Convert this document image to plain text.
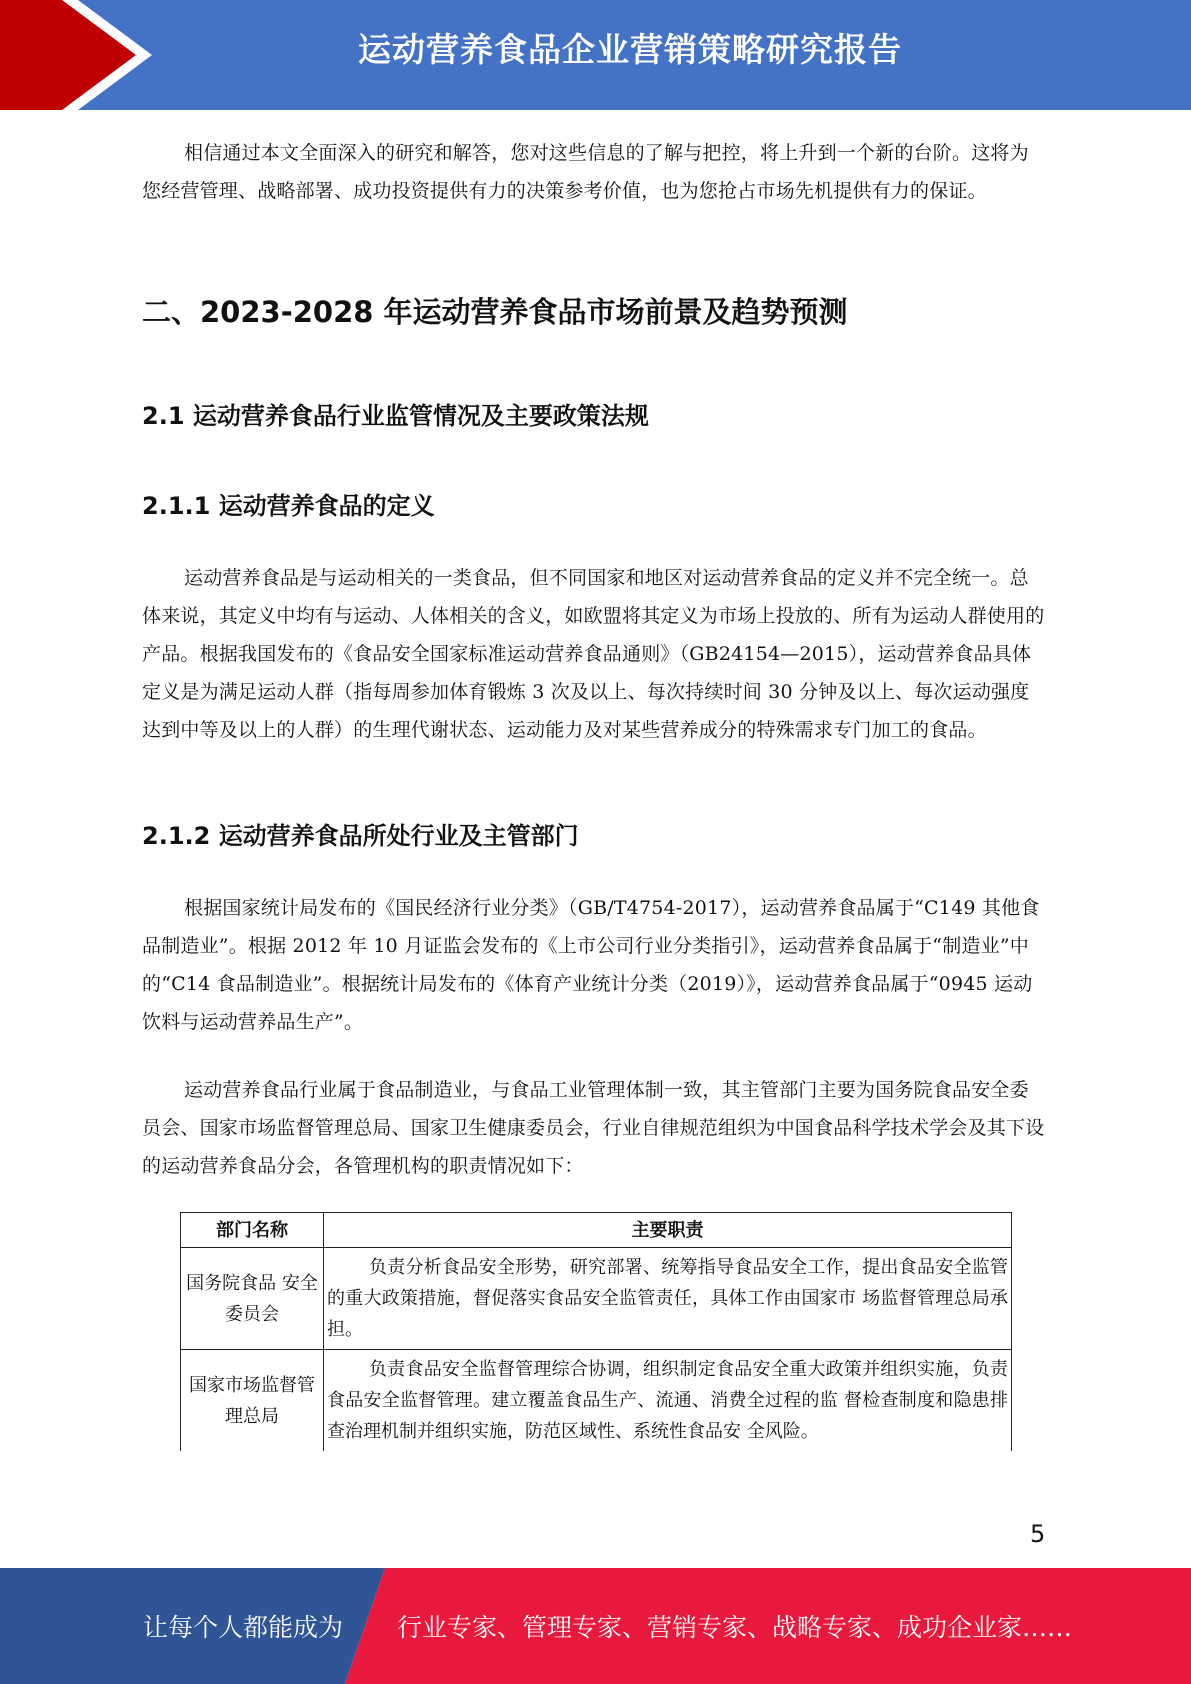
运动营养食品企业营销策略研究报告

相信通过本文全面深入的研究和解答，您对这些信息的了解与把控，将上升到一个新的台阶。这将为您经营管理、战略部署、成功投资提供有力的决策参考价值，也为您抢占市场先机提供有力的保证。

二、2023-2028 年运动营养食品市场前景及趋势预测
2.1 运动营养食品行业监管情况及主要政策法规
2.1.1 运动营养食品的定义

运动营养食品是与运动相关的一类食品，但不同国家和地区对运动营养食品的定义并不完全统一。总体来说，其定义中均有与运动、人体相关的含义，如欧盟将其定义为市场上投放的、所有为运动人群使用的产品。根据我国发布的《食品安全国家标准运动营养食品通则》（GB24154—2015），运动营养食品具体定义是为满足运动人群（指每周参加体育锻炼 3 次及以上、每次持续时间 30 分钟及以上、每次运动强度达到中等及以上的人群）的生理代谢状态、运动能力及对某些营养成分的特殊需求专门加工的食品。

2.1.2 运动营养食品所处行业及主管部门

根据国家统计局发布的《国民经济行业分类》（GB/T4754-2017），运动营养食品属于“C149 其他食品制造业”。根据 2012 年 10 月证监会发布的《上市公司行业分类指引》，运动营养食品属于“制造业”中的“C14 食品制造业”。根据统计局发布的《体育产业统计分类（2019）》，运动营养食品属于“0945 运动饮料与运动营养品生产”。

运动营养食品行业属于食品制造业，与食品工业管理体制一致，其主管部门主要为国务院食品安全委员会、国家市场监督管理总局、国家卫生健康委员会，行业自律规范组织为中国食品科学技术学会及其下设的运动营养食品分会，各管理机构的职责情况如下：

部门名称	主要职责
国务院食品 安全委员会	负责分析食品安全形势，研究部署、统筹指导食品安全工作，提出食品安全监管的重大政策措施，督促落实食品安全监管责任，具体工作由国家市 场监督管理总局承担。
国家市场监督管理总局	负责食品安全监督管理综合协调，组织制定食品安全重大政策并组织实施，负责食品安全监督管理。建立覆盖食品生产、流通、消费全过程的监 督检查制度和隐患排查治理机制并组织实施，防范区域性、系统性食品安 全风险。
5
让每个人都能成为 行业专家、管理专家、营销专家、战略专家、成功企业家……
